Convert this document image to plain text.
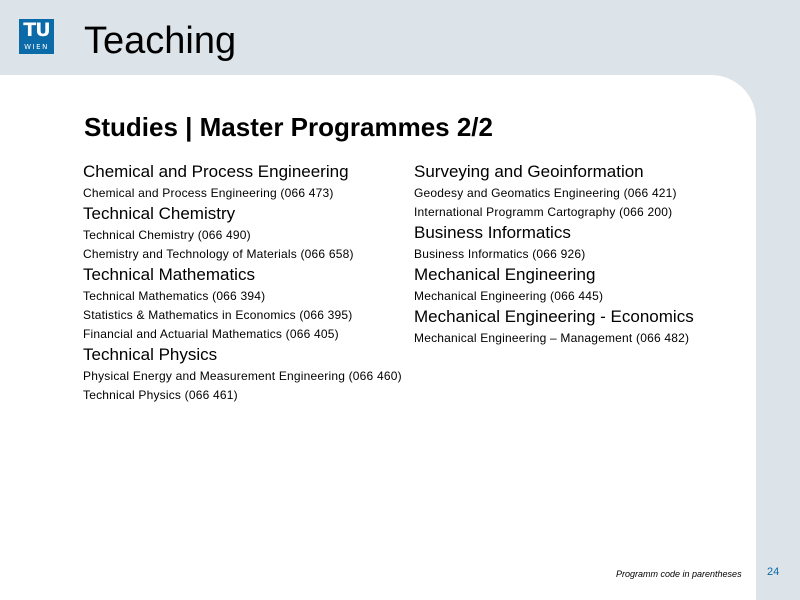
TU
WIEN Teaching
Studies | Master Programmes 2/2
Chemical and Process Engineering
Chemical and Process Engineering (066 473)
Technical Chemistry
Technical Chemistry (066 490)
Chemistry and Technology of Materials (066 658)
Technical Mathematics
Technical Mathematics (066 394)
Statistics & Mathematics in Economics (066 395)
Financial and Actuarial Mathematics (066 405)
Technical Physics
Physical Energy and Measurement Engineering (066 460)
Technical Physics (066 461)
Surveying and Geoinformation
Geodesy and Geomatics Engineering (066 421)
International Programm Cartography (066 200)
Business Informatics
Business Informatics (066 926)
Mechanical Engineering
Mechanical Engineering (066 445)
Mechanical Engineering - Economics
Mechanical Engineering – Management (066 482)
Programm code in parentheses 24
